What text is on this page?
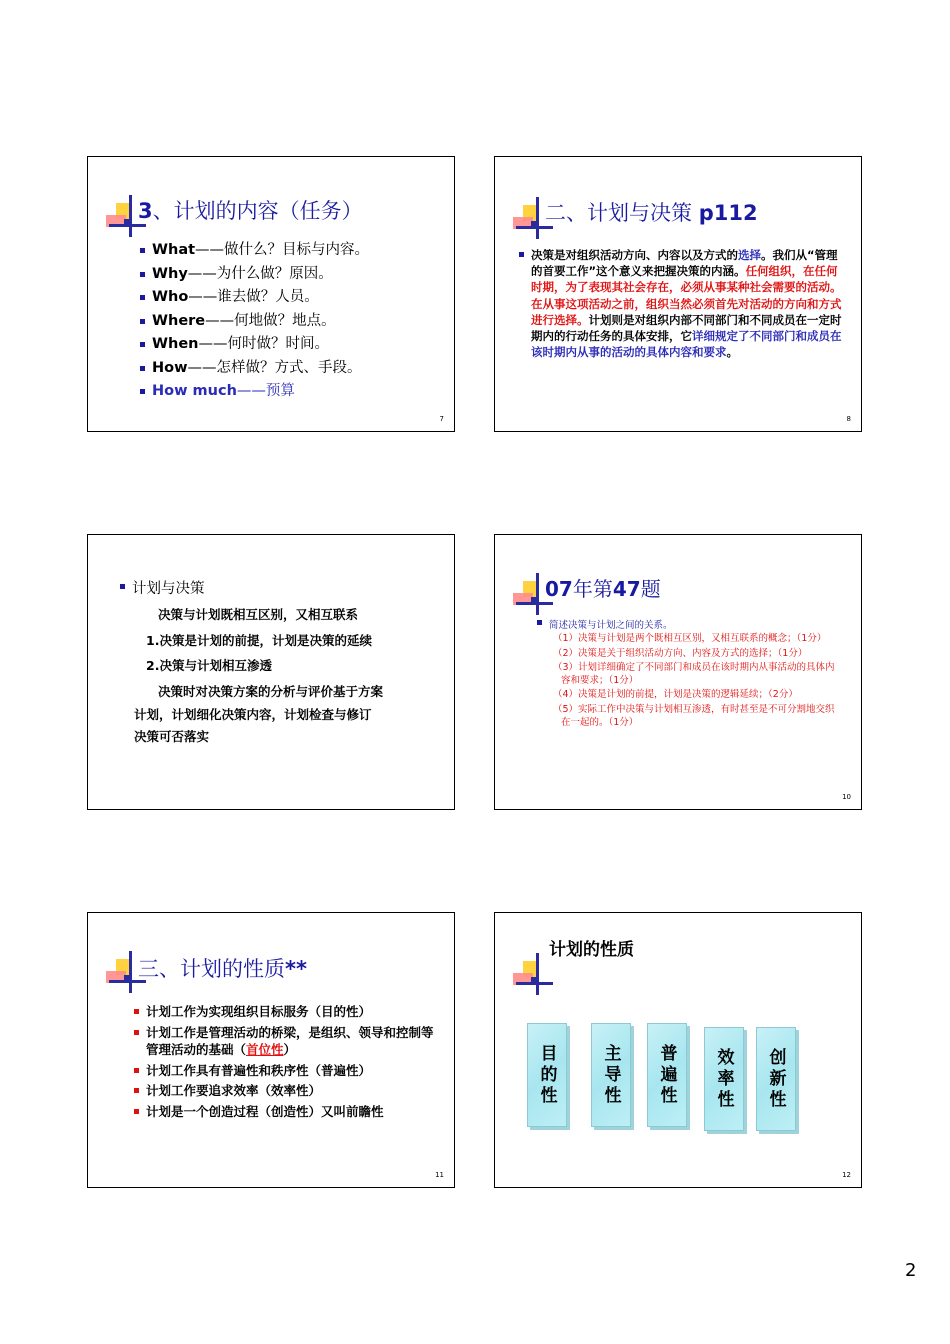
3、计划的内容（任务）
What——做什么？目标与内容。
Why——为什么做？原因。
Who——谁去做？人员。
Where——何地做？地点。
When——何时做？时间。
How——怎样做？方式、手段。
How much——预算
7
二、计划与决策 p112
决策是对组织活动方向、内容以及方式的选择。我们从“管理的首要工作”这个意义来把握决策的内涵。任何组织，在任何时期，为了表现其社会存在，必须从事某种社会需要的活动。在从事这项活动之前，组织当然必须首先对活动的方向和方式进行选择。计划则是对组织内部不同部门和不同成员在一定时期内的行动任务的具体安排，它详细规定了不同部门和成员在该时期内从事的活动的具体内容和要求。
8
计划与决策
决策与计划既相互区别，又相互联系
1.决策是计划的前提，计划是决策的延续
2.决策与计划相互渗透
决策时对决策方案的分析与评价基于方案
计划，计划细化决策内容，计划检查与修订
决策可否落实
07年第47题
简述决策与计划之间的关系。

（1）决策与计划是两个既相互区别，又相互联系的概念；（1分）

（2）决策是关于组织活动方向、内容及方式的选择；（1分）

（3）计划详细确定了不同部门和成员在该时期内从事活动的具体内容和要求；（1分）

（4）决策是计划的前提，计划是决策的逻辑延续；（2分）

（5）实际工作中决策与计划相互渗透，有时甚至是不可分割地交织在一起的。（1分）

10
三、计划的性质**
计划工作为实现组织目标服务（目的性）
计划工作是管理活动的桥梁，是组织、领导和控制等管理活动的基础（首位性）
计划工作具有普遍性和秩序性（普遍性）
计划工作要追求效率（效率性）
计划是一个创造过程（创造性）又叫前瞻性
11
计划的性质
目的性	主导性	普遍性	效率性	创新性
12
2
